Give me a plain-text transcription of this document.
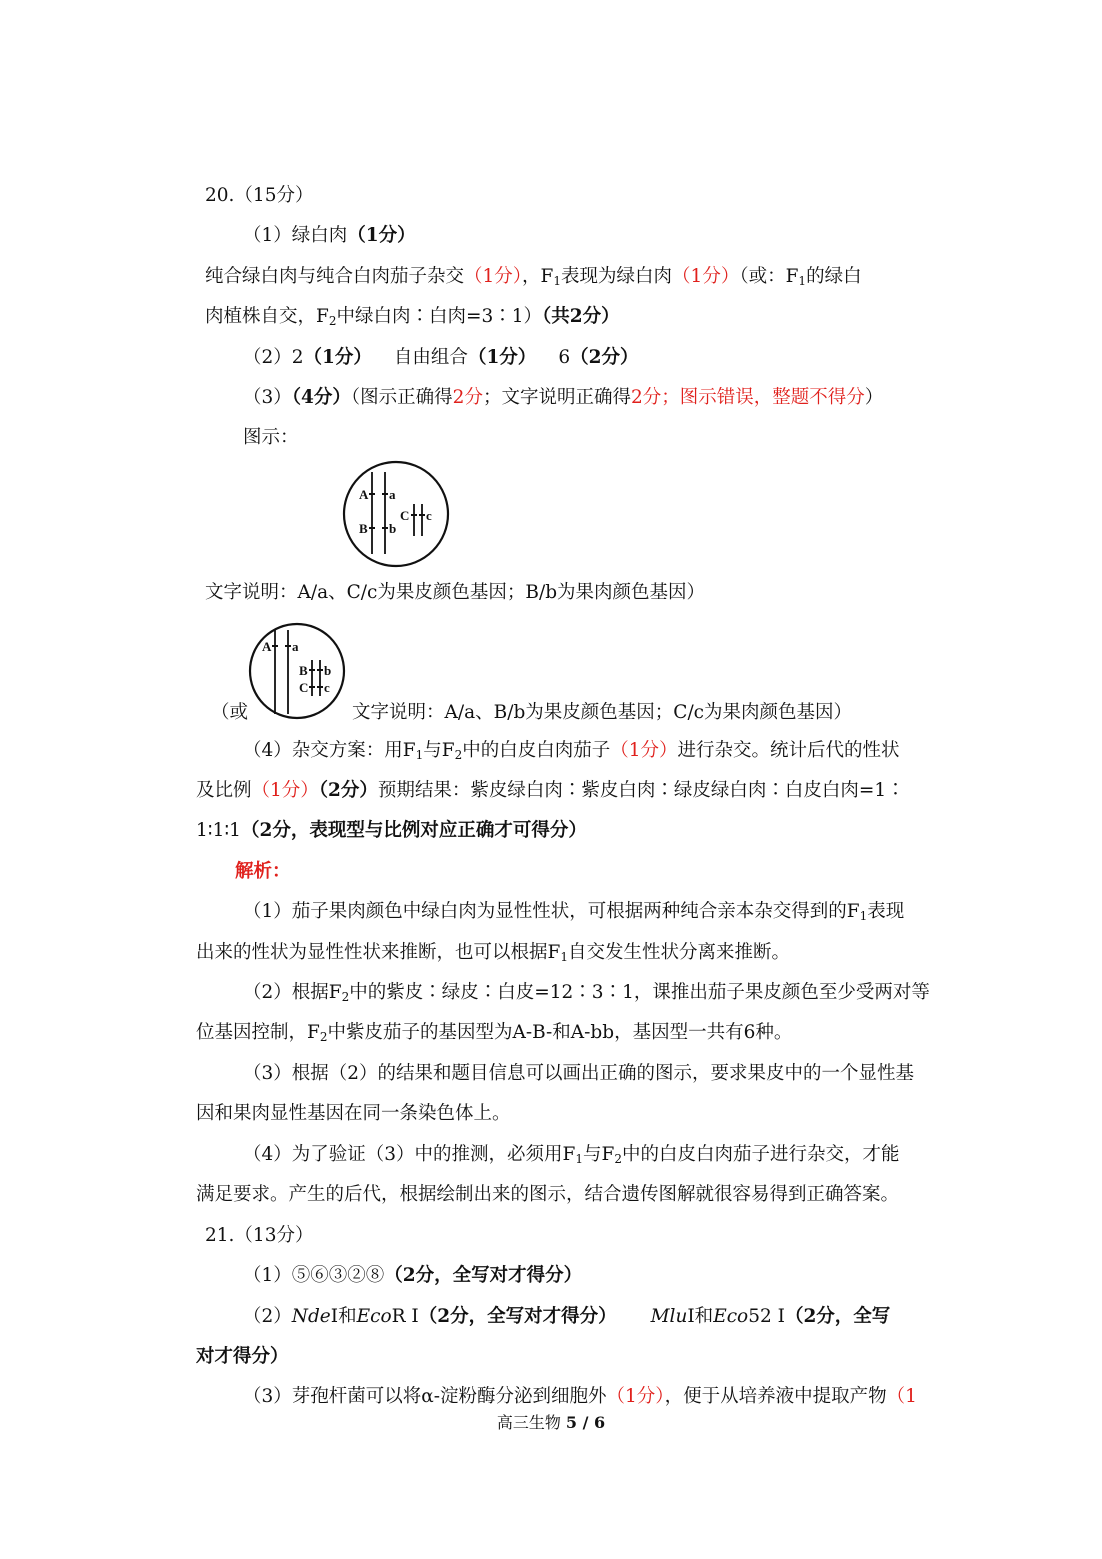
20.（15分）
（1）绿白肉（1分）
纯合绿白肉与纯合白肉茄子杂交（1分），$F_1$表现为绿白肉（1分）（或：$F_1$的绿白
肉植株自交，$F_2$中绿白肉∶白肉=3∶1）（共2分）
（2）2（1分） 自由组合（1分） 6（2分）
（3）（4分）（图示正确得2分；文字说明正确得2分；图示错误，整题不得分）
图示：
A a
B b
C c
文字说明：A/a、C/c为果皮颜色基因；B/b为果肉颜色基因）
（或
A a
B b
C c
文字说明：A/a、B/b为果皮颜色基因；C/c为果肉颜色基因）
（4）杂交方案：用$F_1$与$F_2$中的白皮白肉茄子（1分）进行杂交。统计后代的性状
及比例（1分）（2分）预期结果：紫皮绿白肉∶紫皮白肉∶绿皮绿白肉∶白皮白肉=1∶
1∶1∶1（2分，表现型与比例对应正确才可得分）
解析：
（1）茄子果肉颜色中绿白肉为显性性状，可根据两种纯合亲本杂交得到的$F_1$表现
出来的性状为显性性状来推断，也可以根据$F_1$自交发生性状分离来推断。
（2）根据$F_2$中的紫皮∶绿皮∶白皮=12∶3∶1，课推出茄子果皮颜色至少受两对等
位基因控制，$F_2$中紫皮茄子的基因型为A-B-和A-bb，基因型一共有6种。
（3）根据（2）的结果和题目信息可以画出正确的图示，要求果皮中的一个显性基
因和果肉显性基因在同一条染色体上。
（4）为了验证（3）中的推测，必须用$F_1$与$F_2$中的白皮白肉茄子进行杂交，才能
满足要求。产生的后代，根据绘制出来的图示，结合遗传图解就很容易得到正确答案。
21.（13分）
（1）⑤⑥③②⑧（2分，全写对才得分）
（2）NdeⅠ和EcoR Ⅰ（2分，全写对才得分） MluⅠ和Eco52 Ⅰ（2分，全写
对才得分）
（3）芽孢杆菌可以将α-淀粉酶分泌到细胞外（1分），便于从培养液中提取产物（1
高三生物 5 / 6
